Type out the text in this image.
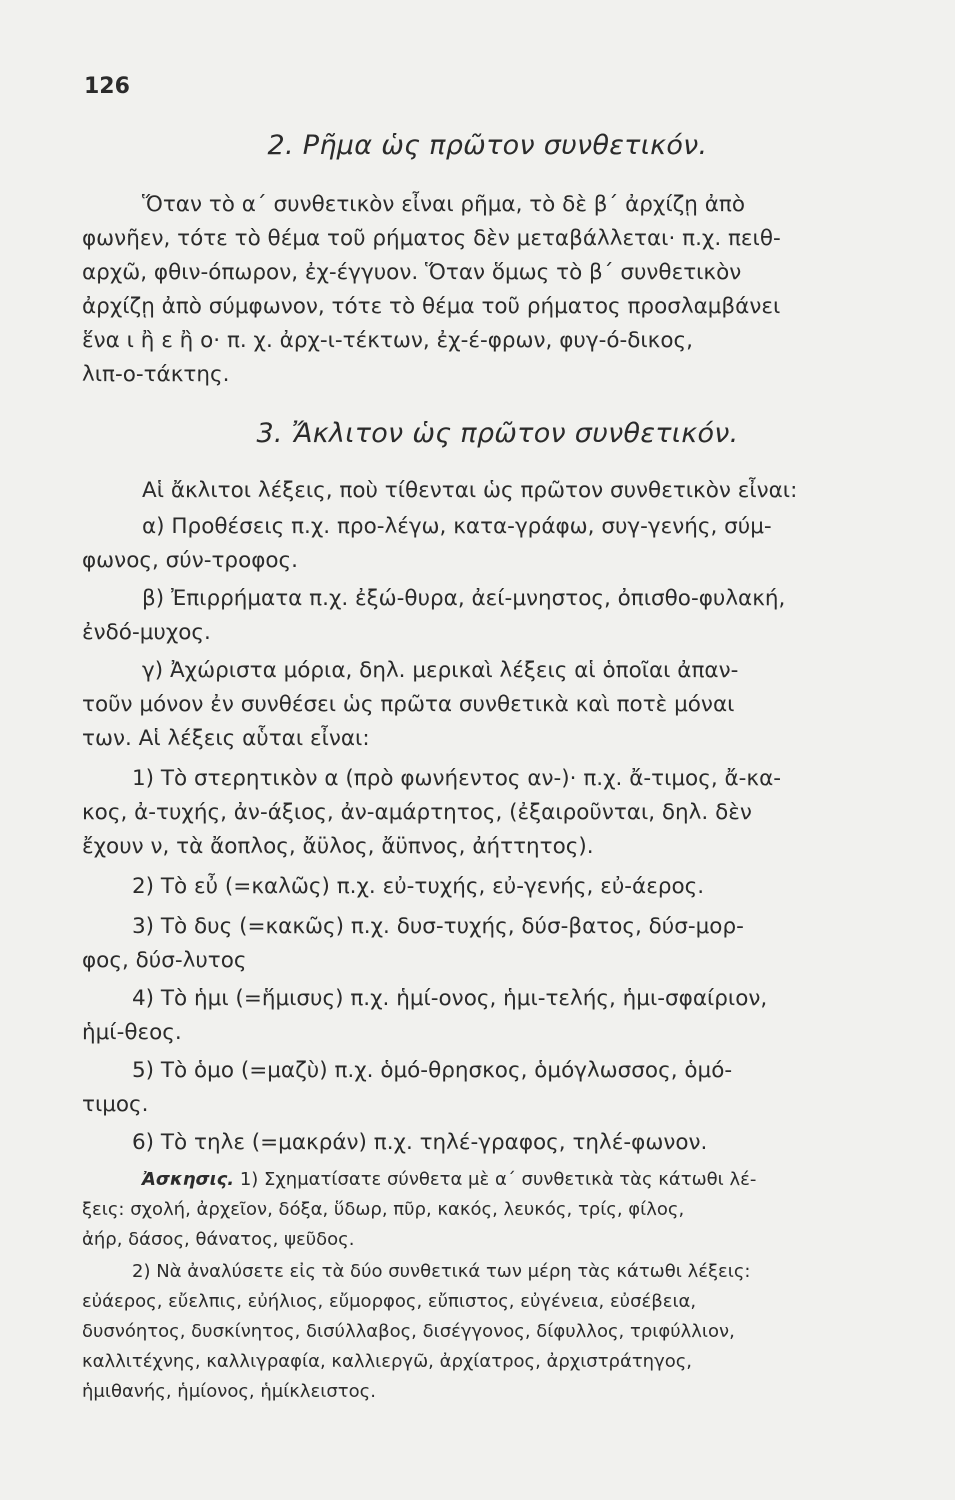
126
2. Ρῆμα ὡς πρῶτον συνθετικόν.
Ὅταν τὸ α΄ συνθετικὸν εἶναι ρῆμα, τὸ δὲ β΄ ἀρχίζῃ ἀπὸ
φωνῆεν, τότε τὸ θέμα τοῦ ρήματος δὲν μεταβάλλεται· π.χ. πειθ-
αρχῶ, φθιν-όπωρον, ἐχ-έγγυον. Ὅταν ὅμως τὸ β΄ συνθετικὸν
ἀρχίζῃ ἀπὸ σύμφωνον, τότε τὸ θέμα τοῦ ρήματος προσλαμβάνει
ἕνα ι ἢ ε ἢ ο· π. χ. ἀρχ-ι-τέκτων, ἐχ-έ-φρων, φυγ-ό-δικος,
λιπ-ο-τάκτης.
3. Ἄκλιτον ὡς πρῶτον συνθετικόν.
Αἱ ἄκλιτοι λέξεις, ποὺ τίθενται ὡς πρῶτον συνθετικὸν εἶναι:
α) Προθέσεις π.χ. προ-λέγω, κατα-γράφω, συγ-γενής, σύμ-
φωνος, σύν-τροφος.
β) Ἐπιρρήματα π.χ. ἐξώ-θυρα, ἀεί-μνηστος, ὀπισθο-φυλακή,
ἐνδό-μυχος.
γ) Ἀχώριστα μόρια, δηλ. μερικαὶ λέξεις αἱ ὁποῖαι ἀπαν-
τοῦν μόνον ἐν συνθέσει ὡς πρῶτα συνθετικὰ καὶ ποτὲ μόναι
των. Αἱ λέξεις αὗται εἶναι:
1) Τὸ στερητικὸν α (πρὸ φωνήεντος αν-)· π.χ. ἄ-τιμος, ἄ-κα-
κος, ἀ-τυχής, ἀν-άξιος, ἀν-αμάρτητος, (ἐξαιροῦνται, δηλ. δὲν
ἔχουν ν, τὰ ἄοπλος, ἄϋλος, ἄϋπνος, ἀήττητος).
2) Τὸ εὖ (=καλῶς) π.χ. εὐ-τυχής, εὐ-γενής, εὐ-άερος.
3) Τὸ δυς (=κακῶς) π.χ. δυσ-τυχής, δύσ-βατος, δύσ-μορ-
φος, δύσ-λυτος
4) Τὸ ἡμι (=ἥμισυς) π.χ. ἡμί-ονος, ἡμι-τελής, ἡμι-σφαίριον,
ἡμί-θεος.
5) Τὸ ὁμο (=μαζὺ) π.χ. ὁμό-θρησκος, ὁμόγλωσσος, ὁμό-
τιμος.
6) Τὸ τηλε (=μακράν) π.χ. τηλέ-γραφος, τηλέ-φωνον.
Ἀσκησις. 1) Σχηματίσατε σύνθετα μὲ α΄ συνθετικὰ τὰς κάτωθι λέ-
ξεις: σχολή, ἀρχεῖον, δόξα, ὕδωρ, πῦρ, κακός, λευκός, τρίς, φίλος,
ἀήρ, δάσος, θάνατος, ψεῦδος.
2) Νὰ ἀναλύσετε εἰς τὰ δύο συνθετικά των μέρη τὰς κάτωθι λέξεις:
εὐάερος, εὔελπις, εὐήλιος, εὔμορφος, εὔπιστος, εὐγένεια, εὐσέβεια,
δυσνόητος, δυσκίνητος, δισύλλαβος, δισέγγονος, δίφυλλος, τριφύλλιον,
καλλιτέχνης, καλλιγραφία, καλλιεργῶ, ἀρχίατρος, ἀρχιστράτηγος,
ἡμιθανής, ἡμίονος, ἡμίκλειστος.
